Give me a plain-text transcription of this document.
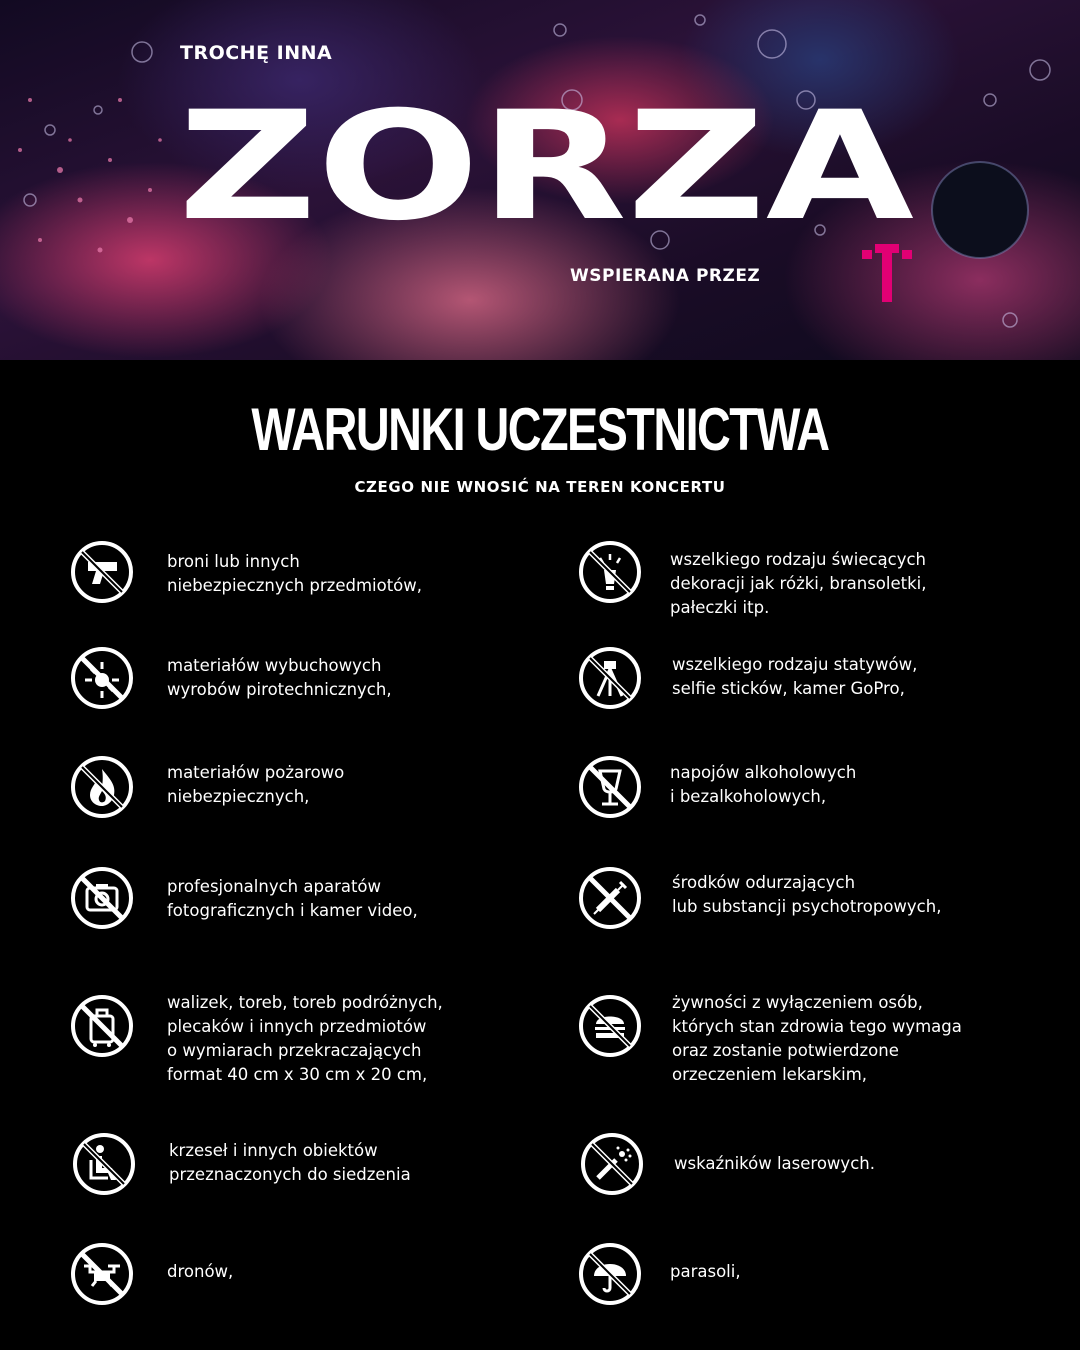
TROCHĘ INNA
ZORZA
WSPIERANA PRZEZ
WARUNKI UCZESTNICTWA
CZEGO NIE WNOSIĆ NA TEREN KONCERTU
broni lub innych
niebezpiecznych przedmiotów,
materiałów wybuchowych
wyrobów pirotechnicznych,
materiałów pożarowo
niebezpiecznych,
profesjonalnych aparatów
fotograficznych i kamer video,
walizek, toreb, toreb podróżnych,
plecaków i innych przedmiotów
o wymiarach przekraczających
format 40 cm x 30 cm x 20 cm,
krzeseł i innych obiektów
przeznaczonych do siedzenia
dronów,
wszelkiego rodzaju świecących
dekoracji jak różki, bransoletki,
pałeczki itp.
wszelkiego rodzaju statywów,
selfie sticków, kamer GoPro,
napojów alkoholowych
i bezalkoholowych,
środków odurzających
lub substancji psychotropowych,
żywności z wyłączeniem osób,
których stan zdrowia tego wymaga
oraz zostanie potwierdzone
orzeczeniem lekarskim,
wskaźników laserowych.
parasoli,
